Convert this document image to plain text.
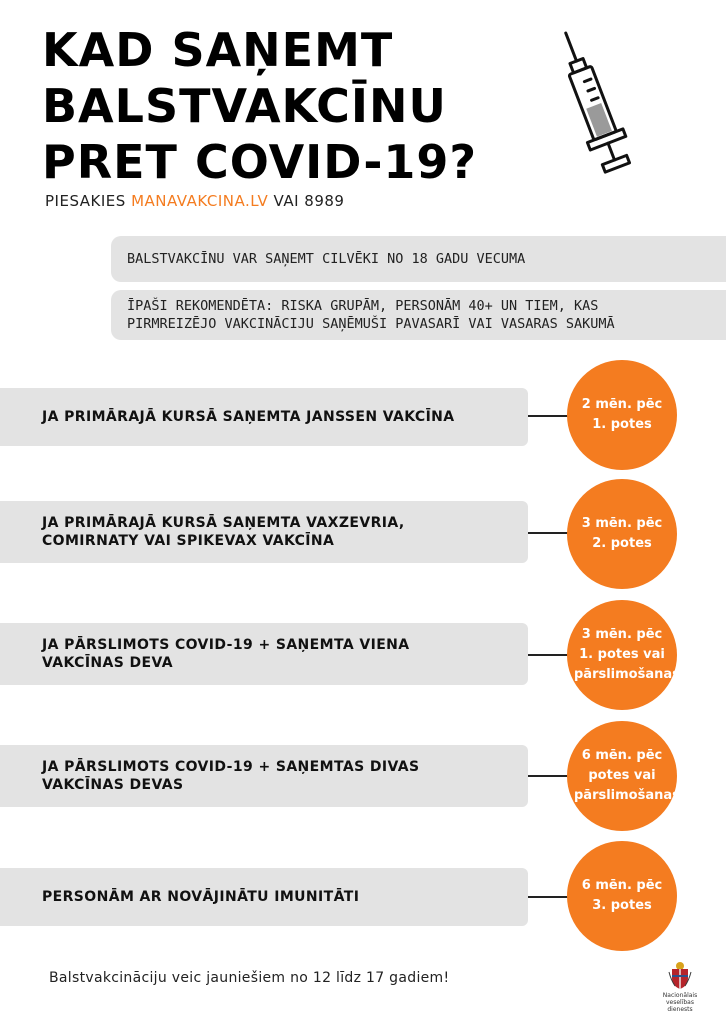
KAD SAŅEMT
BALSTVAKCĪNU
PRET COVID-19?
PIESAKIES MANAVAKCINA.LV VAI 8989
BALSTVAKCĪNU VAR SAŅEMT CILVĒKI NO 18 GADU VECUMA
ĪPAŠI REKOMENDĒTA: RISKA GRUPĀM, PERSONĀM 40+ UN TIEM, KAS
PIRMREIZĒJO VAKCINĀCIJU SAŅĒMUŠI PAVASARĪ VAI VASARAS SAKUMĀ
JA PRIMĀRAJĀ KURSĀ SAŅEMTA JANSSEN VAKCĪNA
2 mēn. pēc 1. potes
JA PRIMĀRAJĀ KURSĀ SAŅEMTA VAXZEVRIA,
COMIRNATY VAI SPIKEVAX VAKCĪNA
3 mēn. pēc 2. potes
JA PĀRSLIMOTS COVID-19 + SAŅEMTA VIENA
VAKCĪNAS DEVA
3 mēn. pēc 1. potes vai pārslimošanas
JA PĀRSLIMOTS COVID-19 + SAŅEMTAS DIVAS
VAKCĪNAS DEVAS
6 mēn. pēc potes vai pārslimošanas
PERSONĀM AR NOVĀJINĀTU IMUNITĀTI
6 mēn. pēc 3. potes
Balstvakcināciju veic jauniešiem no 12 līdz 17 gadiem!
Nacionālais veselības
dienests
